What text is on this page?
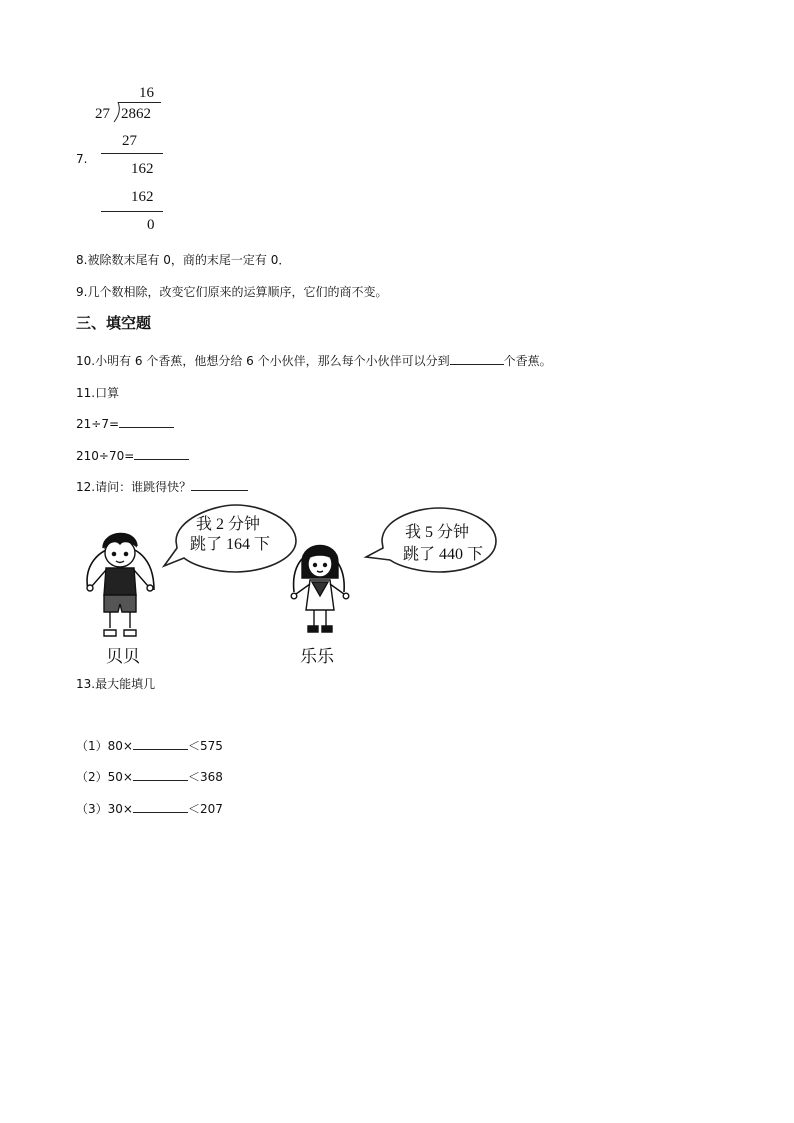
7.
16
27 2862
27
162
162
0
8.被除数末尾有 0，商的末尾一定有 0．
9.几个数相除，改变它们原来的运算顺序，它们的商不变。
三、填空题
10.小明有 6 个香蕉，他想分给 6 个小伙伴，那么每个小伙伴可以分到	个香蕉。
11.口算
21÷7=
210÷70=
12.请问：谁跳得快？
我 2 分钟
跳了 164 下
我 5 分钟
跳了 440 下
贝贝	乐乐
13.最大能填几
（1）80×	＜575
（2）50×	＜368
（3）30×	＜207
